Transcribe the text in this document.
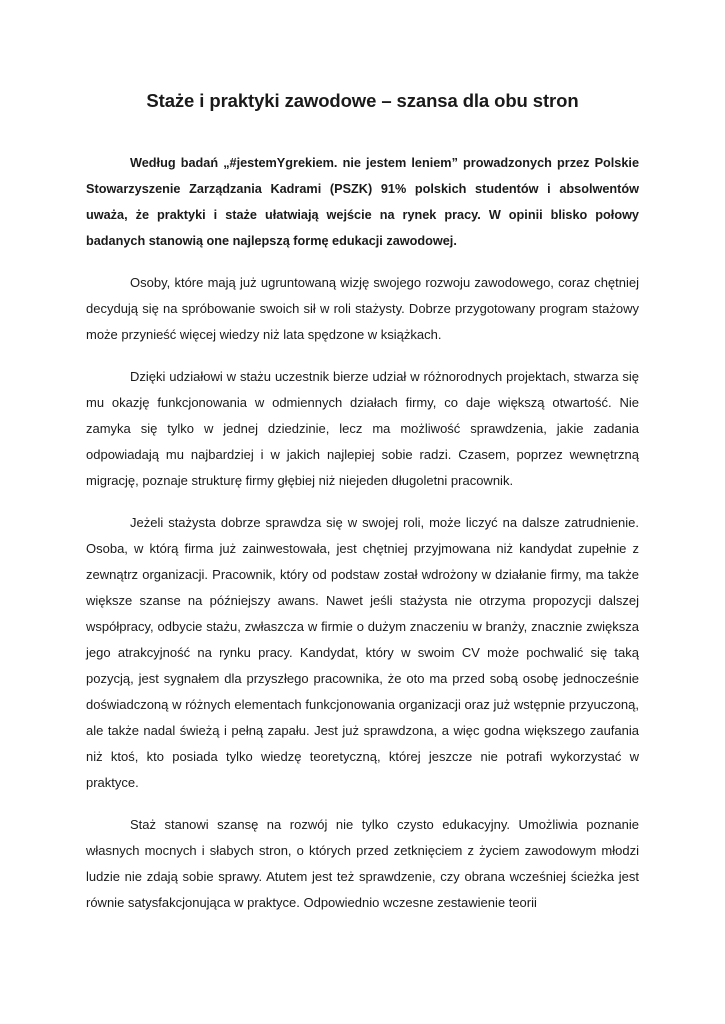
Staże i praktyki zawodowe – szansa dla obu stron

Według badań „#jestemYgrekiem. nie jestem leniem” prowadzonych przez Polskie Stowarzyszenie Zarządzania Kadrami (PSZK) 91% polskich studentów i absolwentów uważa, że praktyki i staże ułatwiają wejście na rynek pracy. W opinii blisko połowy badanych stanowią one najlepszą formę edukacji zawodowej.

Osoby, które mają już ugruntowaną wizję swojego rozwoju zawodowego, coraz chętniej decydują się na spróbowanie swoich sił w roli stażysty. Dobrze przygotowany program stażowy może przynieść więcej wiedzy niż lata spędzone w książkach.

Dzięki udziałowi w stażu uczestnik bierze udział w różnorodnych projektach, stwarza się mu okazję funkcjonowania w odmiennych działach firmy, co daje większą otwartość. Nie zamyka się tylko w jednej dziedzinie, lecz ma możliwość sprawdzenia, jakie zadania odpowiadają mu najbardziej i w jakich najlepiej sobie radzi. Czasem, poprzez wewnętrzną migrację, poznaje strukturę firmy głębiej niż niejeden długoletni pracownik.

Jeżeli stażysta dobrze sprawdza się w swojej roli, może liczyć na dalsze zatrudnienie. Osoba, w którą firma już zainwestowała, jest chętniej przyjmowana niż kandydat zupełnie z zewnątrz organizacji. Pracownik, który od podstaw został wdrożony w działanie firmy, ma także większe szanse na późniejszy awans. Nawet jeśli stażysta nie otrzyma propozycji dalszej współpracy, odbycie stażu, zwłaszcza w firmie o dużym znaczeniu w branży, znacznie zwiększa jego atrakcyjność na rynku pracy. Kandydat, który w swoim CV może pochwalić się taką pozycją, jest sygnałem dla przyszłego pracownika, że oto ma przed sobą osobę jednocześnie doświadczoną w różnych elementach funkcjonowania organizacji oraz już wstępnie przyuczoną, ale także nadal świeżą i pełną zapału. Jest już sprawdzona, a więc godna większego zaufania niż ktoś, kto posiada tylko wiedzę teoretyczną, której jeszcze nie potrafi wykorzystać w praktyce.

Staż stanowi szansę na rozwój nie tylko czysto edukacyjny. Umożliwia poznanie własnych mocnych i słabych stron, o których przed zetknięciem z życiem zawodowym młodzi ludzie nie zdają sobie sprawy. Atutem jest też sprawdzenie, czy obrana wcześniej ścieżka jest równie satysfakcjonująca w praktyce. Odpowiednio wczesne zestawienie teorii
